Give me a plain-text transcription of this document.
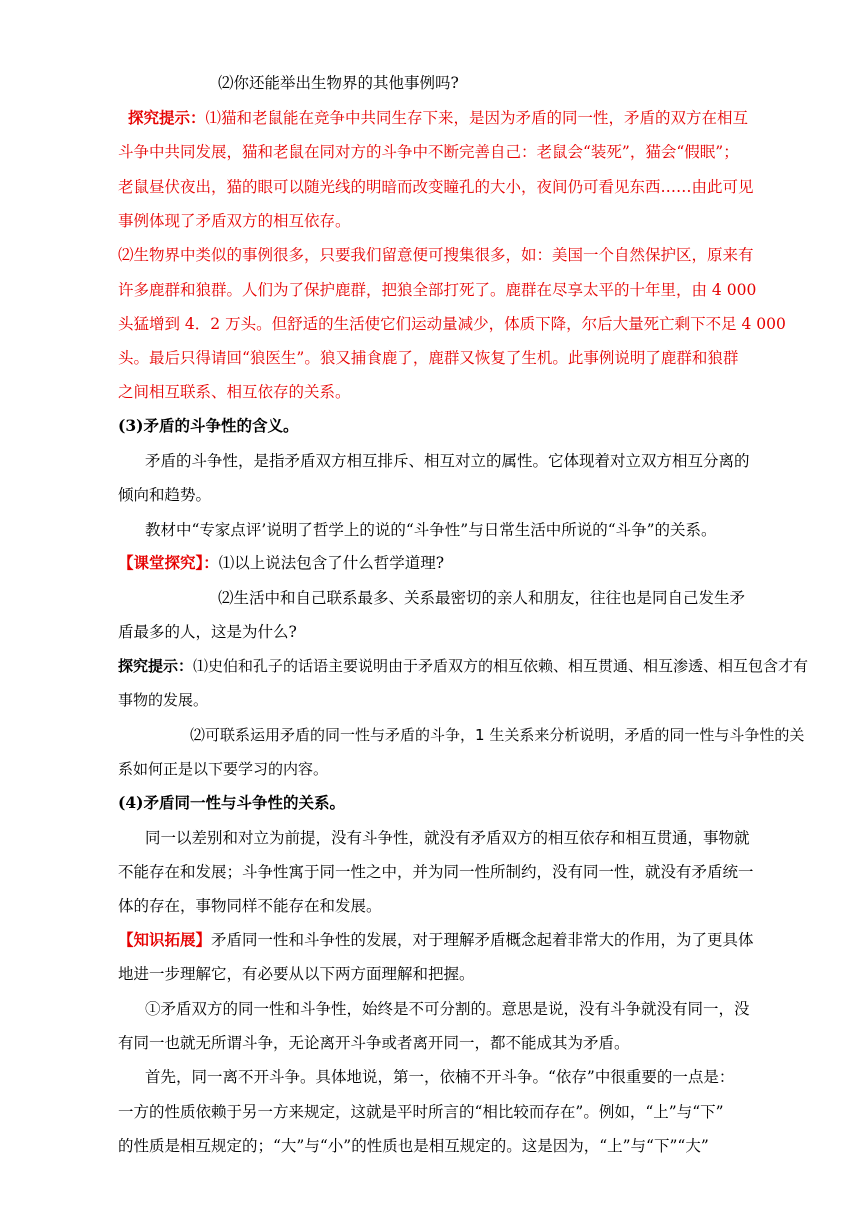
⑵你还能举出生物界的其他事例吗?
探究提示：⑴猫和老鼠能在竞争中共同生存下来，是因为矛盾的同一性，矛盾的双方在相互
斗争中共同发展，猫和老鼠在同对方的斗争中不断完善自己：老鼠会“装死”，猫会“假眠”；
老鼠昼伏夜出，猫的眼可以随光线的明暗而改变瞳孔的大小，夜间仍可看见东西……由此可见
事例体现了矛盾双方的相互依存。
⑵生物界中类似的事例很多，只要我们留意便可搜集很多，如：美国一个自然保护区，原来有
许多鹿群和狼群。人们为了保护鹿群，把狼全部打死了。鹿群在尽享太平的十年里，由 4 000
头猛增到 4．2 万头。但舒适的生活使它们运动量减少，体质下降，尔后大量死亡剩下不足 4 000
头。最后只得请回“狼医生”。狼又捕食鹿了，鹿群又恢复了生机。此事例说明了鹿群和狼群
之间相互联系、相互依存的关系。
(3)矛盾的斗争性的含义。
矛盾的斗争性，是指矛盾双方相互排斥、相互对立的属性。它体现着对立双方相互分离的
倾向和趋势。
教材中“专家点评’说明了哲学上的说的“斗争性”与日常生活中所说的“斗争”的关系。
【课堂探究】：⑴以上说法包含了什么哲学道理?
⑵生活中和自己联系最多、关系最密切的亲人和朋友，往往也是同自己发生矛
盾最多的人，这是为什么?
探究提示：⑴史伯和孔子的话语主要说明由于矛盾双方的相互依赖、相互贯通、相互渗透、相互包含才有
事物的发展。
⑵可联系运用矛盾的同一性与矛盾的斗争，1 生关系来分析说明，矛盾的同一性与斗争性的关
系如何正是以下要学习的内容。
(4)矛盾同一性与斗争性的关系。
同一以差别和对立为前提，没有斗争性，就没有矛盾双方的相互依存和相互贯通，事物就
不能存在和发展；斗争性寓于同一性之中，并为同一性所制约，没有同一性，就没有矛盾统一
体的存在，事物同样不能存在和发展。
【知识拓展】矛盾同一性和斗争性的发展，对于理解矛盾概念起着非常大的作用，为了更具体
地进一步理解它，有必要从以下两方面理解和把握。
①矛盾双方的同一性和斗争性，始终是不可分割的。意思是说，没有斗争就没有同一，没
有同一也就无所谓斗争，无论离开斗争或者离开同一，都不能成其为矛盾。
首先，同一离不开斗争。具体地说，第一，依楠不开斗争。“依存”中很重要的一点是：
一方的性质依赖于另一方来规定，这就是平时所言的“相比较而存在”。例如，“上”与“下”
的性质是相互规定的；“大”与“小”的性质也是相互规定的。这是因为，“上”与“下”“大”
